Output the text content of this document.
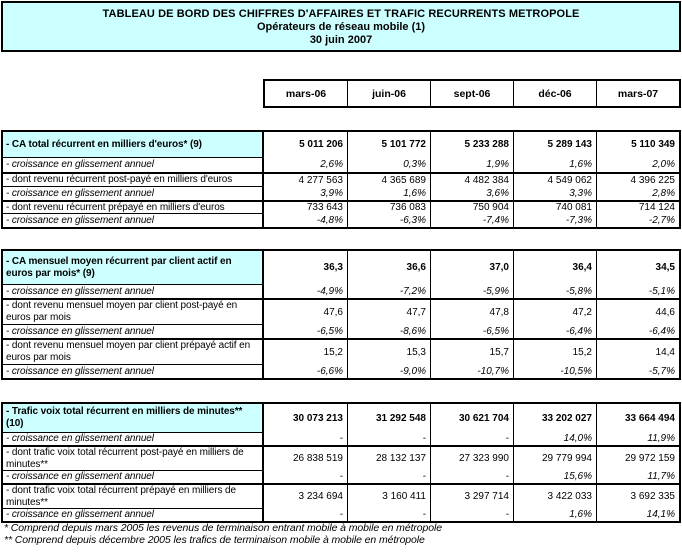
TABLEAU DE BORD DES CHIFFRES D'AFFAIRES ET TRAFIC RECURRENTS METROPOLE
Opérateurs de réseau mobile (1)
30 juin 2007
mars-06	juin-06	sept-06	déc-06	mars-07
- CA total récurrent en milliers d'euros* (9)	5 011 206	5 101 772	5 233 288	5 289 143	5 110 349
- croissance en glissement annuel	2,6%	0,3%	1,9%	1,6%	2,0%
- dont revenu récurrent post-payé en milliers d'euros	4 277 563	4 365 689	4 482 384	4 549 062	4 396 225
- croissance en glissement annuel	3,9%	1,6%	3,6%	3,3%	2,8%
- dont revenu récurrent prépayé en milliers d'euros	733 643	736 083	750 904	740 081	714 124
- croissance en glissement annuel	-4,8%	-6,3%	-7,4%	-7,3%	-2,7%
- CA mensuel moyen récurrent par client actif en euros par mois* (9)	36,3	36,6	37,0	36,4	34,5
- croissance en glissement annuel	-4,9%	-7,2%	-5,9%	-5,8%	-5,1%
- dont revenu mensuel moyen par client post-payé en euros par mois	47,6	47,7	47,8	47,2	44,6
- croissance en glissement annuel	-6,5%	-8,6%	-6,5%	-6,4%	-6,4%
- dont revenu mensuel moyen par client prépayé actif en euros par mois	15,2	15,3	15,7	15,2	14,4
- croissance en glissement annuel	-6,6%	-9,0%	-10,7%	-10,5%	-5,7%
- Trafic voix total récurrent en milliers de minutes** (10)	30 073 213	31 292 548	30 621 704	33 202 027	33 664 494
- croissance en glissement annuel	-	-	-	14,0%	11,9%
- dont trafic voix total récurrent post-payé en milliers de minutes**	26 838 519	28 132 137	27 323 990	29 779 994	29 972 159
- croissance en glissement annuel	-	-	-	15,6%	11,7%
- dont trafic voix total récurrent prépayé en milliers de minutes**	3 234 694	3 160 411	3 297 714	3 422 033	3 692 335
- croissance en glissement annuel	-	-	-	1,6%	14,1%
* Comprend depuis mars 2005 les revenus de terminaison entrant mobile à mobile en métropole
** Comprend depuis décembre 2005 les trafics de terminaison mobile à mobile en métropole
